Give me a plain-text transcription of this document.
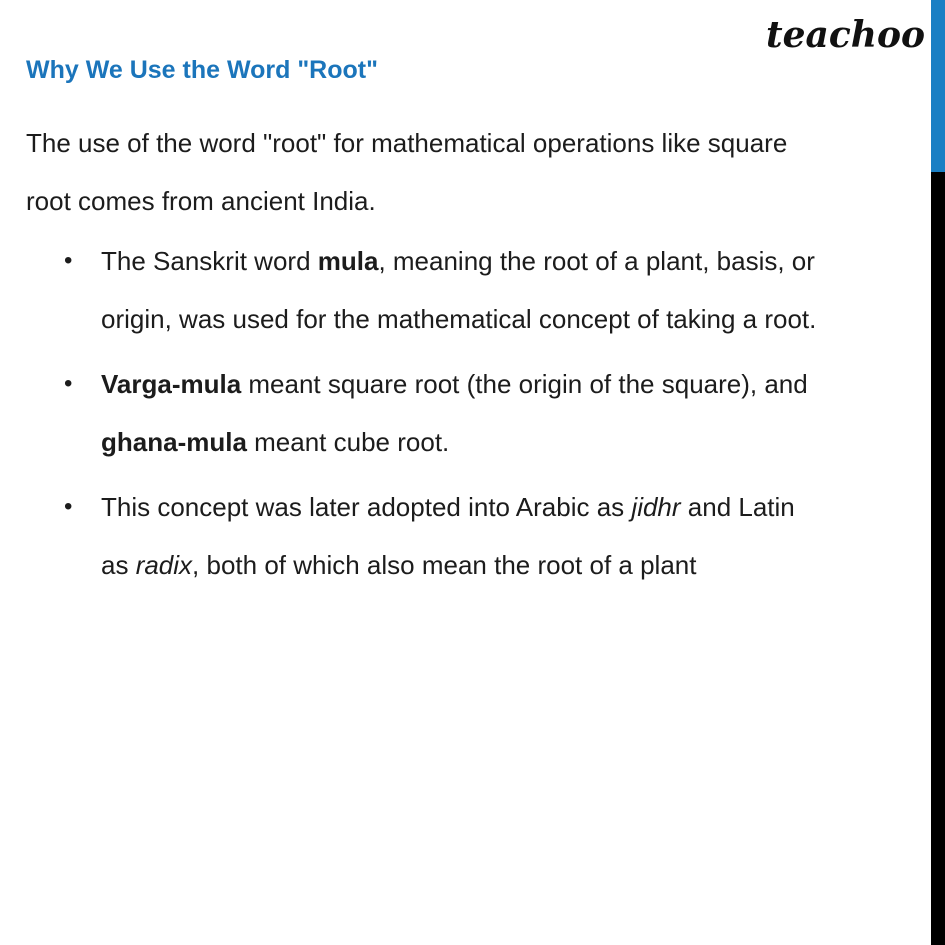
teachoo
Why We Use the Word "Root"
The use of the word "root" for mathematical operations like square
root comes from ancient India.
• The Sanskrit word mula, meaning the root of a plant, basis, or
origin, was used for the mathematical concept of taking a root.
• Varga-mula meant square root (the origin of the square), and
ghana-mula meant cube root.
• This concept was later adopted into Arabic as jidhr and Latin
as radix, both of which also mean the root of a plant
